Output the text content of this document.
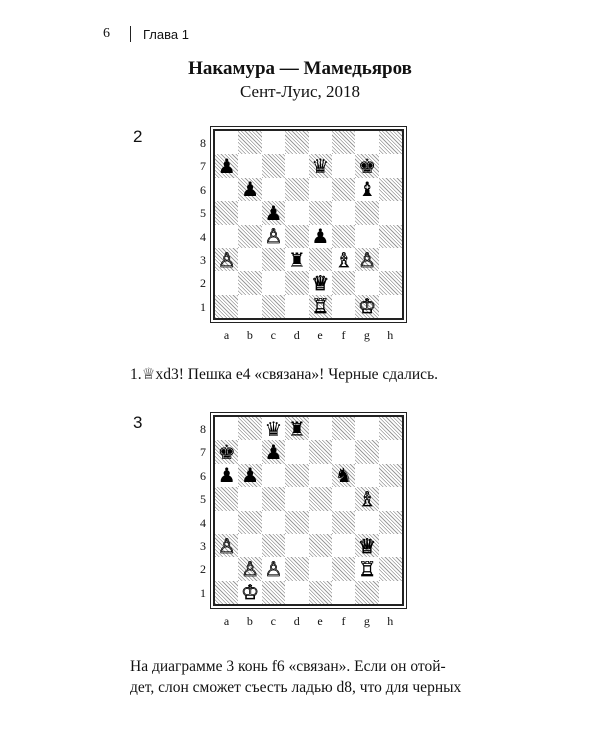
6	Глава 1
Накамура — Мамедьяров
Сент-Луис, 2018
2
♟	♛ ♚
♟	♝
♟
♙ ♟
♙	♜ ♗ ♙
♕
♖ ♔
1.♕xd3! Пешка е4 «связана»! Черные сдались.
3	♛ ♜
♚ ♟
♟ ♟	♞
♗
♙	♕
♙ ♙	♖
♔
На диаграмме 3 конь f6 «связан». Если он отой-
дет, слон сможет съесть ладью d8, что для черных
8
7
6
5
4
3
2
1
a	b	c	d	e	f	g	h
8
7
6
5
4
3
2
1
a	b	c	d	e	f	g	h
